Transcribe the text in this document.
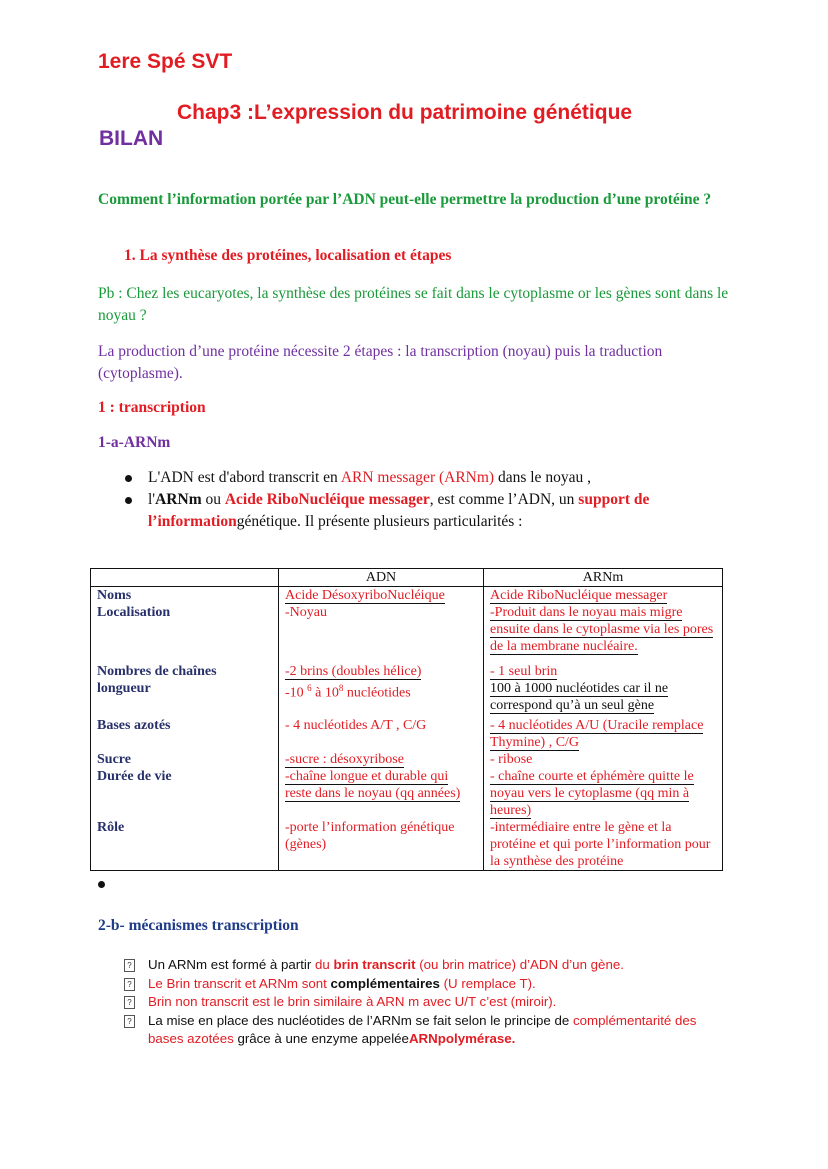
1ere Spé SVT
Chap3 :L’expression du patrimoine génétique
BILAN
Comment l’information portée par l’ADN peut-elle permettre la production d’une protéine ?
1. La synthèse des protéines, localisation et étapes
Pb : Chez les eucaryotes, la synthèse des protéines se fait dans le cytoplasme or les gènes sont dans le noyau ?
La production d’une protéine nécessite 2 étapes : la transcription (noyau) puis la traduction (cytoplasme).
1 : transcription
1-a-ARNm
L'ADN est d'abord transcrit en ARN messager (ARNm) dans le noyau ,
l'ARNm ou Acide RiboNucléique messager, est comme l’ADN, un support de l’informationgénétique. Il présente plusieurs particularités :
	ADN	ARNm
Noms	Acide DésoxyriboNucléique	Acide RiboNucléique messager
Localisation	-Noyau	-Produit dans le noyau mais migre ensuite dans le cytoplasme via les pores de la membrane nucléaire.
Nombres de chaînes	-2 brins (doubles hélice)	- 1 seul brin
longueur	-10 $^6$ à $10^8$ nucléotides	100 à 1000 nucléotides car il ne correspond qu’à un seul gène
Bases azotés	- 4 nucléotides A/T , C/G	- 4 nucléotides A/U (Uracile remplace Thymine) , C/G
Sucre	-sucre : désoxyribose	- ribose
Durée de vie	-chaîne longue et durable qui reste dans le noyau (qq années)	- chaîne courte et éphémère quitte le noyau vers le cytoplasme (qq min à heures)
Rôle	-porte l’information génétique (gènes)	-intermédiaire entre le gène et la protéine et qui porte l’information pour la synthèse des protéine
2-b- mécanismes transcription
? Un ARNm est formé à partir du brin transcrit (ou brin matrice) d’ADN d’un gène.
? Le Brin transcrit et ARNm sont complémentaires (U remplace T).
? Brin non transcrit est le brin similaire à ARN m avec U/T c’est (miroir).
? La mise en place des nucléotides de l’ARNm se fait selon le principe de complémentarité des bases azotées grâce à une enzyme appeléeARNpolymérase.
